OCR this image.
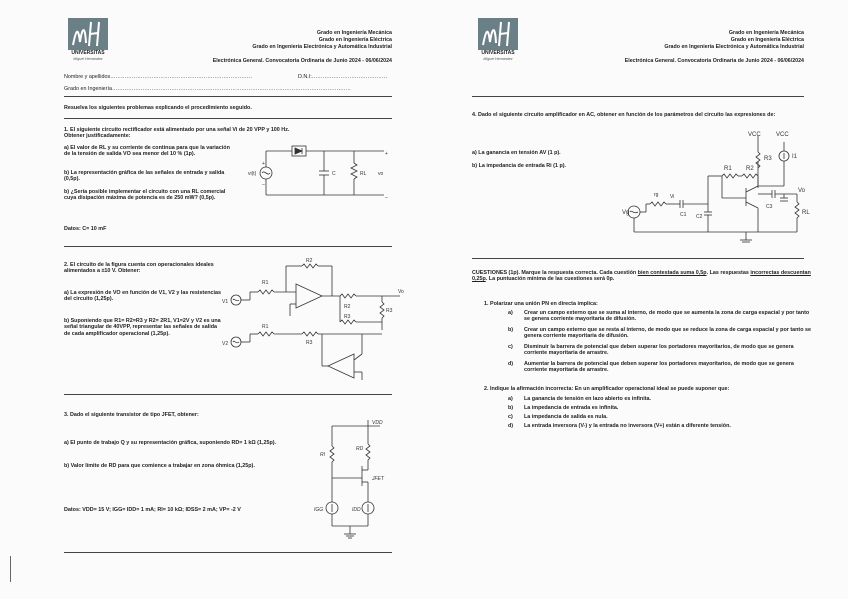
UNIVERSITAS
Miguel Hernández
Grado en Ingeniería Mecánica
Grado en Ingeniería Eléctrica
Grado en Ingeniería Electrónica y Automática Industrial
Electrónica General. Convocatoria Ordinaria de Junio 2024 - 06/06/2024
Nombre y apellidos…………………………………………………………………….	D.N.I:……………………………………
Grado en Ingeniería…………………………………………………………………………………………………………………….
Resuelva los siguientes problemas explicando el procedimiento seguido.
1. El siguiente circuito rectificador está alimentado por una señal Vi de 20 VPP y 100 Hz. Obtener justificadamente:
a) El valor de RL y su corriente de continua para que la variación de la tensión de salida VO sea menor del 10 % (1p).
b) La representación gráfica de las señales de entrada y salida (0,5p).
b) ¿Sería posible implementar el circuito con una RL comercial cuya disipación máxima de potencia es de 250 mW? (0,5p).
Datos: C= 10 mF
vi(t)
+
–
C	RL vo
+
–
2. El circuito de la figura cuenta con operacionales ideales alimentados a ±10 V. Obtener:
a) La expresión de VO en función de V1, V2 y las resistencias del circuito (1,25p).
b) Suponiendo que R1= R2=R3 y R2= 2R1, V1=2V y V2 es una señal triangular de 40VPP, representar las señales de salida de cada amplificador operacional (1,25p).
V1
V2
R1
R2
R1
R3
R2
R3
R3
Vo
3. Dado el siguiente transistor de tipo JFET, obtener:
a) El punto de trabajo Q y su representación gráfica, suponiendo RD= 1 kΩ (1,25p).
b) Valor límite de RD para que comience a trabajar en zona óhmica (1,25p).
Datos: VDD= 15 V; IGG= IDD= 1 mA; RI= 10 kΩ; IDSS= 2 mA; VP= -2 V
VDD
RI
RD
JFET
IGG	IDD
UNIVERSITAS
Miguel Hernández
Grado en Ingeniería Mecánica
Grado en Ingeniería Eléctrica
Grado en Ingeniería Electrónica y Automática Industrial
Electrónica General. Convocatoria Ordinaria de Junio 2024 - 06/06/2024
4. Dado el siguiente circuito amplificador en AC, obtener en función de los parámetros del circuito las expresiones de:
a) La ganancia en tensión AV (1 p).
b) La impedancia de entrada Ri (1 p).
VCC	VCC
R3	I1
R1 R2
rg Vi
Vg	C1 C2
C3
Vo
RL
CUESTIONES (1p). Marque la respuesta correcta. Cada cuestión bien contestada suma 0,5p. Las respuestas incorrectas descuentan 0,25p. La puntuación mínima de las cuestiones será 0p.
1. Polarizar una unión PN en directa implica:
a) Crear un campo externo que se suma al interno, de modo que se aumenta la zona de carga espacial y por tanto se genera corriente mayoritaria de difusión.
b) Crear un campo externo que se resta al interno, de modo que se reduce la zona de carga espacial y por tanto se genera corriente mayoritaria de difusión.
c) Disminuir la barrera de potencial que deben superar los portadores mayoritarios, de modo que se genera corriente mayoritaria de arrastre.
d) Aumentar la barrera de potencial que deben superar los portadores mayoritarios, de modo que se genera corriente mayoritaria de arrastre.
2. Indique la afirmación incorrecta: En un amplificador operacional ideal se puede suponer que:
a) La ganancia de tensión en lazo abierto es infinita.
b) La impedancia de entrada es infinita.
c) La impedancia de salida es nula.
d) La entrada inversora (V-) y la entrada no inversora (V+) están a diferente tensión.
